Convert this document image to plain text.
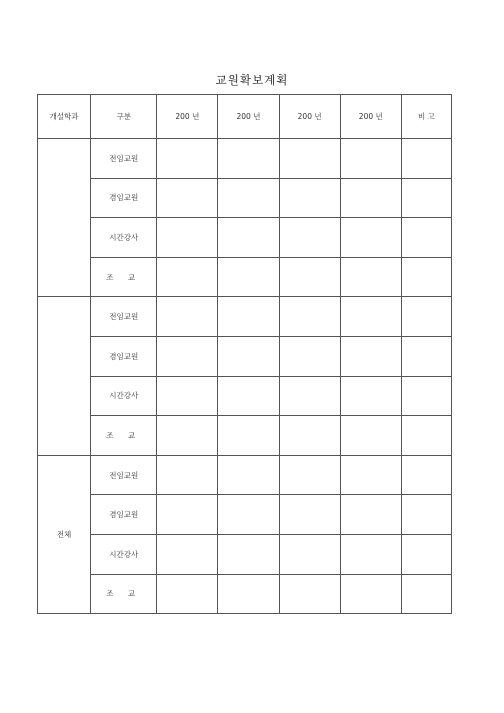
교원확보계획
개설학과	구분	200 년	200 년	200 년	200 년	비 고
	전임교원					
	겸임교원					
	시간강사					
	조 교					
	전임교원					
	겸임교원					
	시간강사					
	조 교					
전체	전임교원					
	겸임교원					
	시간강사					
	조 교					
